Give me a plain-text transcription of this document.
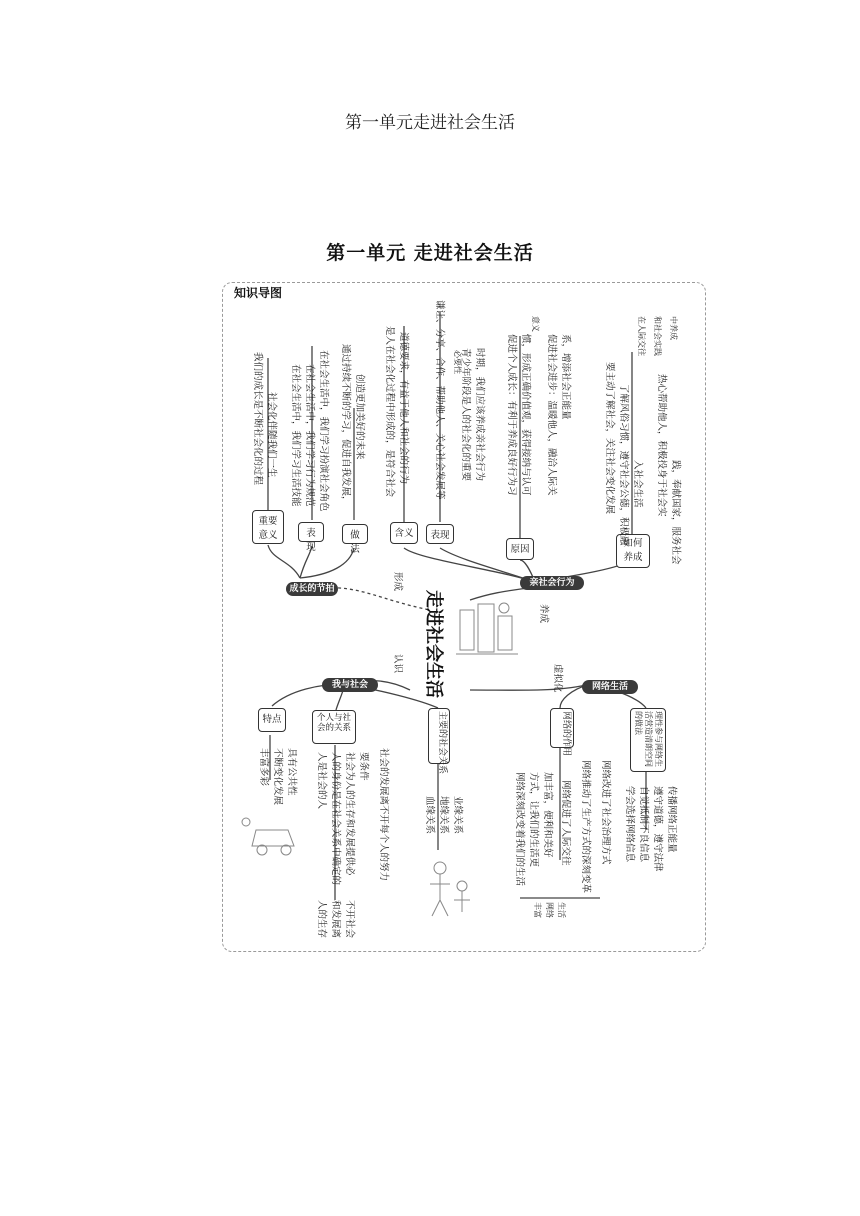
第一单元走进社会生活
第一单元 走进社会生活
知识导图
走进社会生活
形成
养成
认识
虚拟化
成长的节拍
亲社会行为
我与社会	网络生活
重要意义	表现
做法
我们的成长是不断社会化的过程 社会化伴随我们一生 在社会生活中，我们学习生活技能 在社会生活中，我们学习行为规范 在社会生活中，我们学习扮演社会角色 通过持续不断的学习，促进自我发展， 创造更加美好的未来
含义	表现
原因
如何养成
是人在社会化过程中形成的，是符合社会 道德要求，有益于他人和社会的行为	谦让、分享、合作、帮助他人、关心社会发展等 青少年阶段是人的社会化的重要 时期，我们应该养成亲社会行为 促进个人成长：有利于养成良好行为习 惯，形成正确价值观，获得接纳与认可 促进社会进步：温暖他人，融洽人际关 系，增添社会正能量
必要性
意义
要主动了解社会，关注社会变化发展 了解风俗习惯，遵守社会公德，积极融 入社会生活 热心帮助他人，积极投身于社会实 践，奉献国家，服务社会
在人际交往 和社会实践 中养成
特点	个人与社会的关系	主要的社会关系
丰富多彩 不断变化发展 具有公共性 人是社会的人 人的身份是在社会关系中确定的 社会为人的生存和发展提供必 要条件 社会的发展离不开每个人的努力
人的生存 和发展离 不开社会
血缘关系 地缘关系 业缘关系
网络的作用	理性参与网络生活营造清朗空间的做法
网络深刻改变着我们的生活 方式，让我们的生活更 加丰富，便利和美好 网络促进了人际交往 网络推动了生产方式的深刻变革 网络改进了社会治理方式
丰富 网络 生活
学会选择网络信息 自觉抵制不良信息 遵守道德，遵守法律 传播网络正能量
